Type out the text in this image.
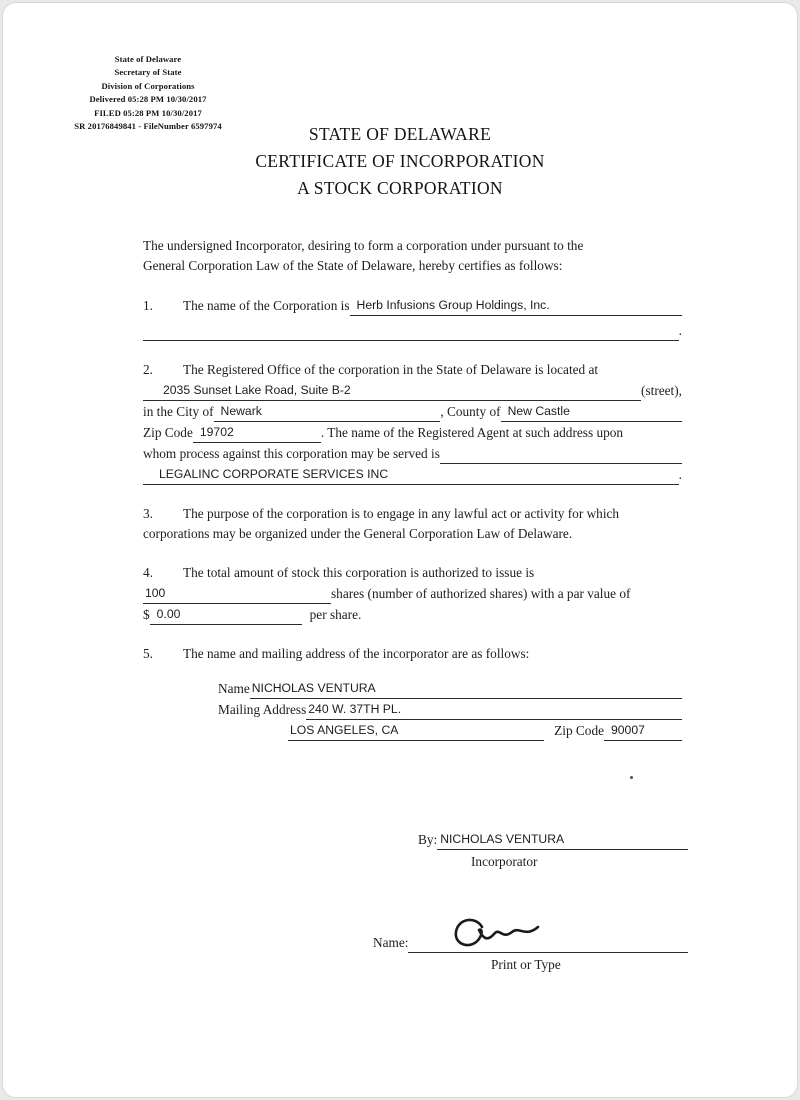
State of Delaware
Secretary of State
Division of Corporations
Delivered 05:28 PM 10/30/2017
FILED 05:28 PM 10/30/2017
SR 20176849841 - FileNumber 6597974	STATE OF DELAWARE
CERTIFICATE OF INCORPORATION
A STOCK CORPORATION
The undersigned Incorporator, desiring to form a corporation under pursuant to the
General Corporation Law of the State of Delaware, hereby certifies as follows:
1.	The name of the Corporation is Herb Infusions Group Holdings, Inc.

.
2.	The Registered Office of the corporation in the State of Delaware is located at
2035 Sunset Lake Road, Suite B-2	(street),
in the City of Newark	, County of New Castle
Zip Code 19702	. The name of the Registered Agent at such address upon
whom process against this corporation may be served is

LEGALINC CORPORATE SERVICES INC	.
3.	The purpose of the corporation is to engage in any lawful act or activity for which
corporations may be organized under the General Corporation Law of Delaware.
4.	The total amount of stock this corporation is authorized to issue is
100	shares (number of authorized shares) with a par value of
$ 0.00	per share.
5.	The name and mailing address of the incorporator are as follows:
Name NICHOLAS VENTURA
Mailing Address 240 W. 37TH PL.
LOS ANGELES, CA	Zip Code 90007
By: NICHOLAS VENTURA
Incorporator
Name:
Print or Type
